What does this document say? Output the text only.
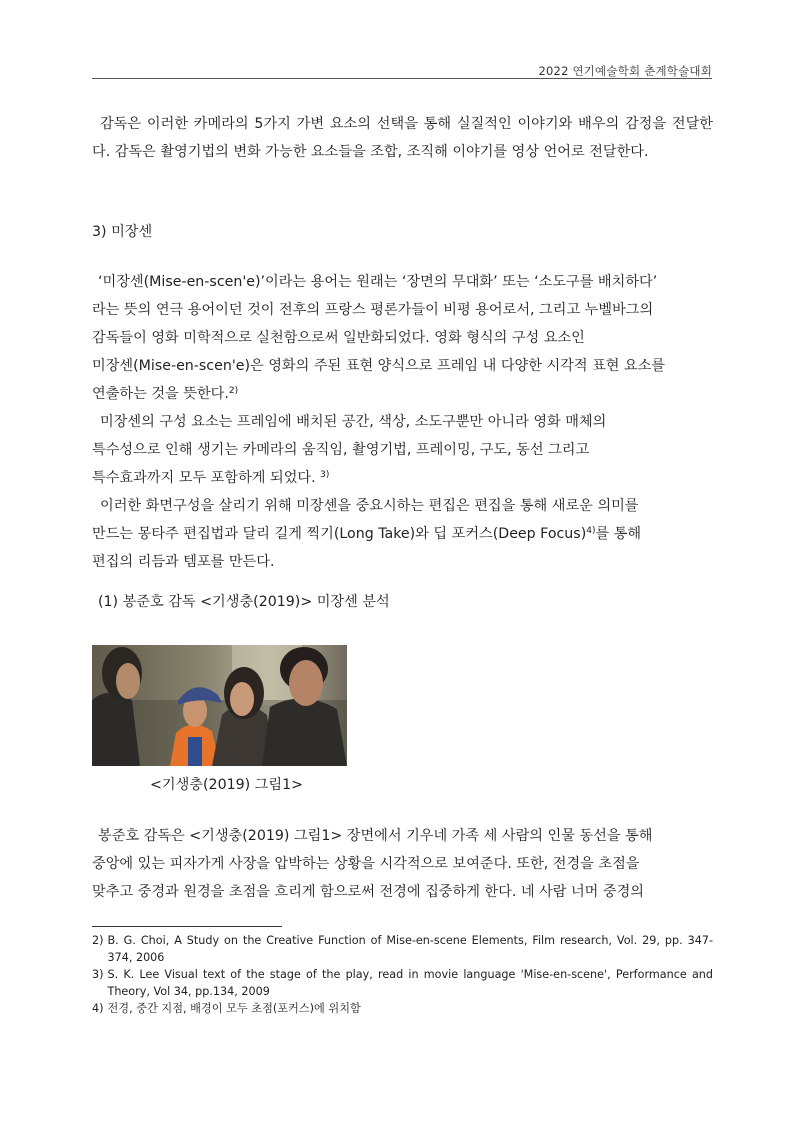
2022 연기예술학회 춘계학술대회
감독은 이러한 카메라의 5가지 가변 요소의 선택을 통해 실질적인 이야기와 배우의 감정을 전달한다. 감독은 촬영기법의 변화 가능한 요소들을 조합, 조직해 이야기를 영상 언어로 전달한다.
3) 미장센
‘미장센(Mise-en-scen'e)’이라는 용어는 원래는 ‘장면의 무대화’ 또는 ‘소도구를 배치하다’
라는 뜻의 연극 용어이던 것이 전후의 프랑스 평론가들이 비평 용어로서, 그리고 누벨바그의
감독들이 영화 미학적으로 실천함으로써 일반화되었다. 영화 형식의 구성 요소인
미장센(Mise-en-scen'e)은 영화의 주된 표현 양식으로 프레임 내 다양한 시각적 표현 요소를
연출하는 것을 뜻한다.$^{2)}$
미장센의 구성 요소는 프레임에 배치된 공간, 색상, 소도구뿐만 아니라 영화 매체의
특수성으로 인해 생기는 카메라의 움직임, 촬영기법, 프레이밍, 구도, 동선 그리고
특수효과까지 모두 포함하게 되었다. $^{3)}$
이러한 화면구성을 살리기 위해 미장센을 중요시하는 편집은 편집을 통해 새로운 의미를
만드는 몽타주 편집법과 달리 길게 찍기(Long Take)와 딥 포커스(Deep Focus)$^{4)}$를 통해
편집의 리듬과 템포를 만든다.
(1) 봉준호 감독 <기생충(2019)> 미장센 분석
<기생충(2019) 그림1>
봉준호 감독은 <기생충(2019) 그림1> 장면에서 기우네 가족 세 사람의 인물 동선을 통해
중앙에 있는 피자가게 사장을 압박하는 상황을 시각적으로 보여준다. 또한, 전경을 초점을
맞추고 중경과 원경을 초점을 흐리게 함으로써 전경에 집중하게 한다. 네 사람 너머 중경의
2) B. G. Choi, A Study on the Creative Function of Mise-en-scene Elements, Film research, Vol. 29, pp. 347-374, 2006
3) S. K. Lee Visual text of the stage of the play, read in movie language 'Mise-en-scene', Performance and Theory, Vol 34, pp.134, 2009
4) 전경, 중간 지점, 배경이 모두 초점(포커스)에 위치함
